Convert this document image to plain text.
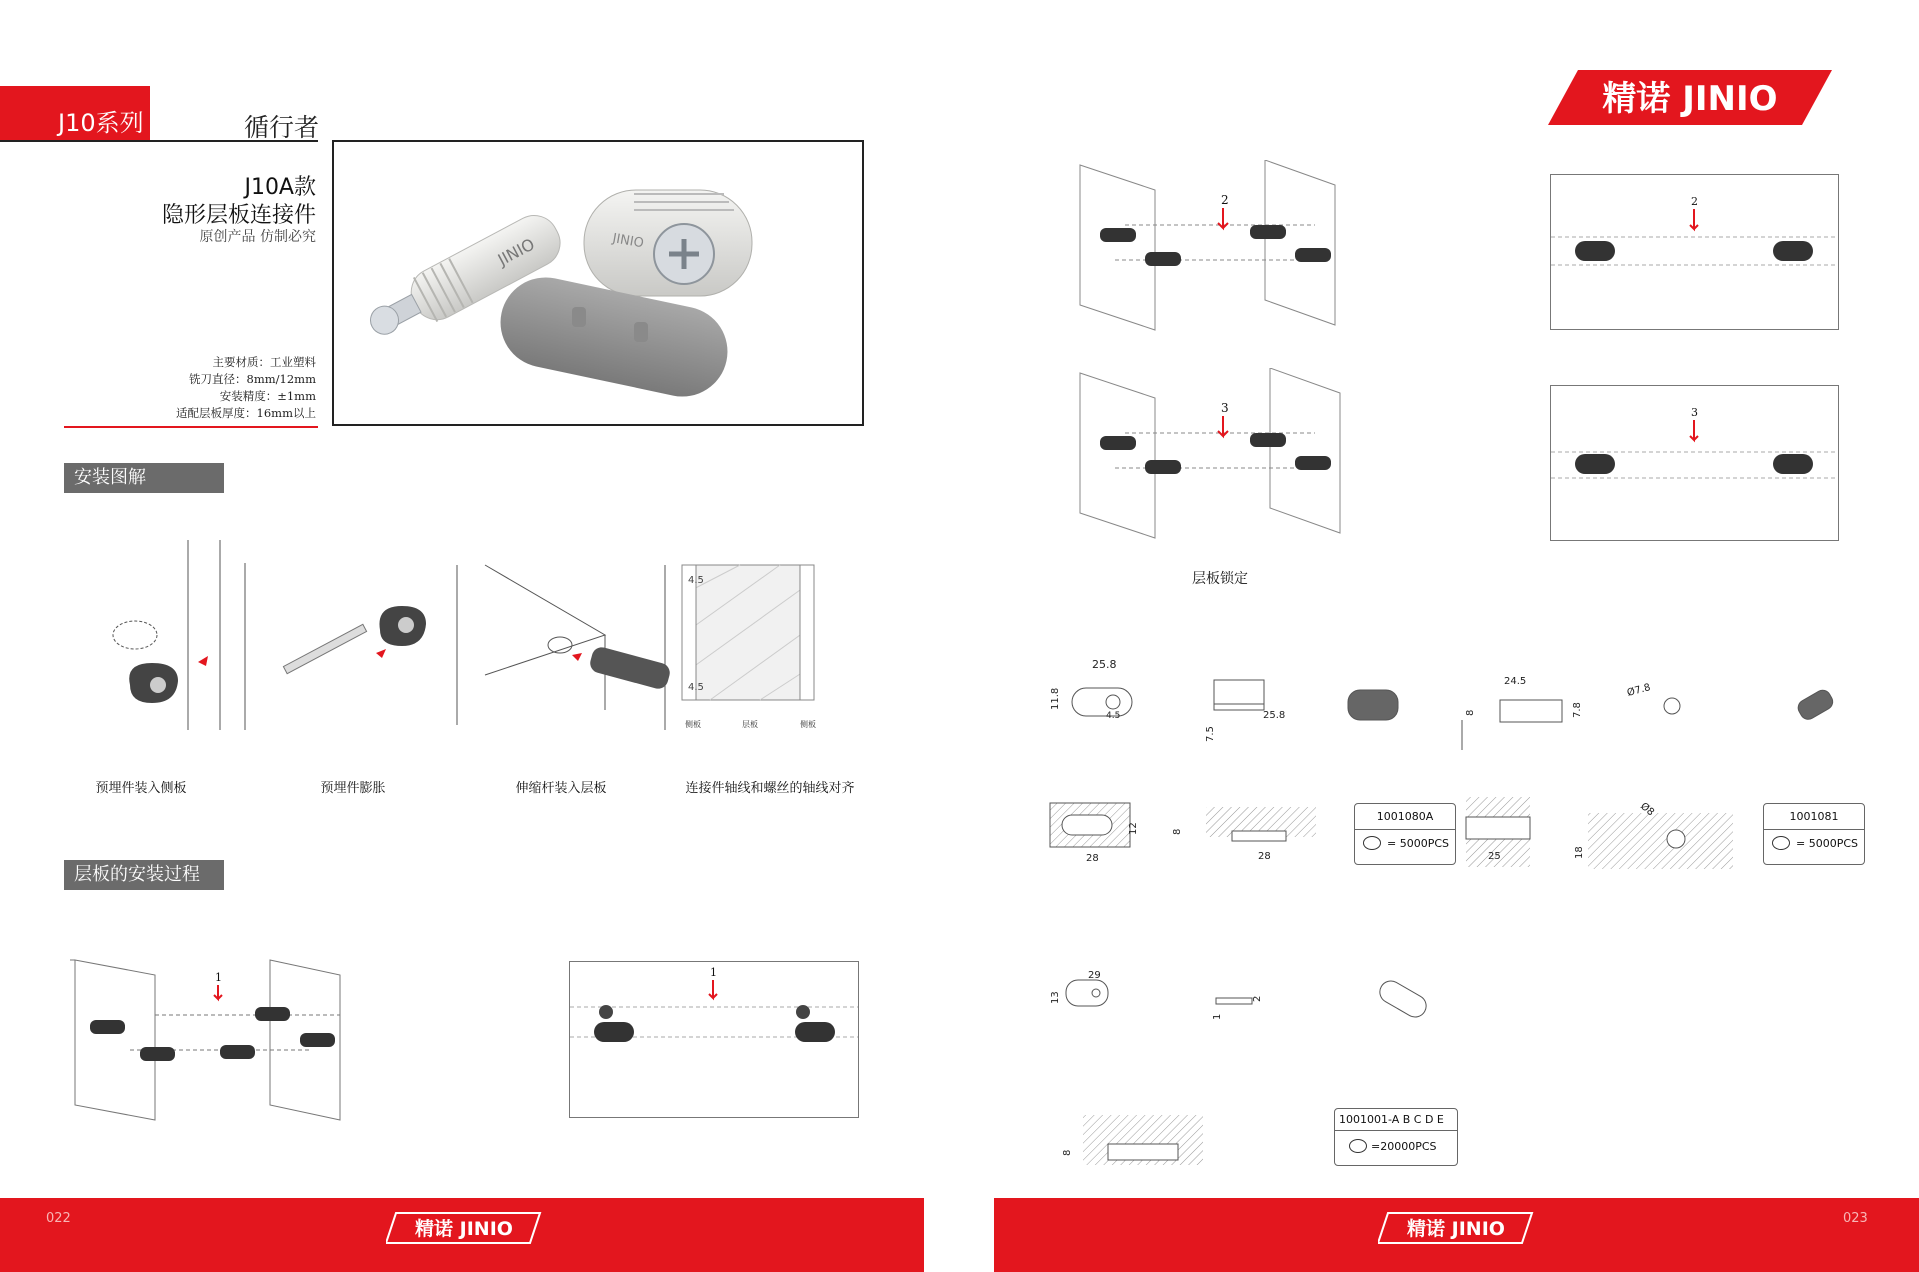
J10系列	循行者
J10A款
隐形层板连接件
原创产品 仿制必究
主要材质：工业塑料
铣刀直径：8mm/12mm
安装精度：±1mm
适配层板厚度：16mm以上
JINIO	JINIO
安装图解
4.5
4.5
侧板	层板	侧板
预埋件装入侧板	预埋件膨胀	伸缩杆装入层板	连接件轴线和螺丝的轴线对齐
层板的安装过程
1	1
022	精诺 JINIO
精诺 JINIO
2	2
3	3
层板锁定
25.8
11.8
4.5
7.5
25.8
24.5
8	7.8
Ø7.8
12
28
8
28	25
Ø8
18
1001080A
= 5000PCS
1001081
= 5000PCS
29
13
1
2
8
1001001-A B C D E
=20000PCS
023
精诺 JINIO
